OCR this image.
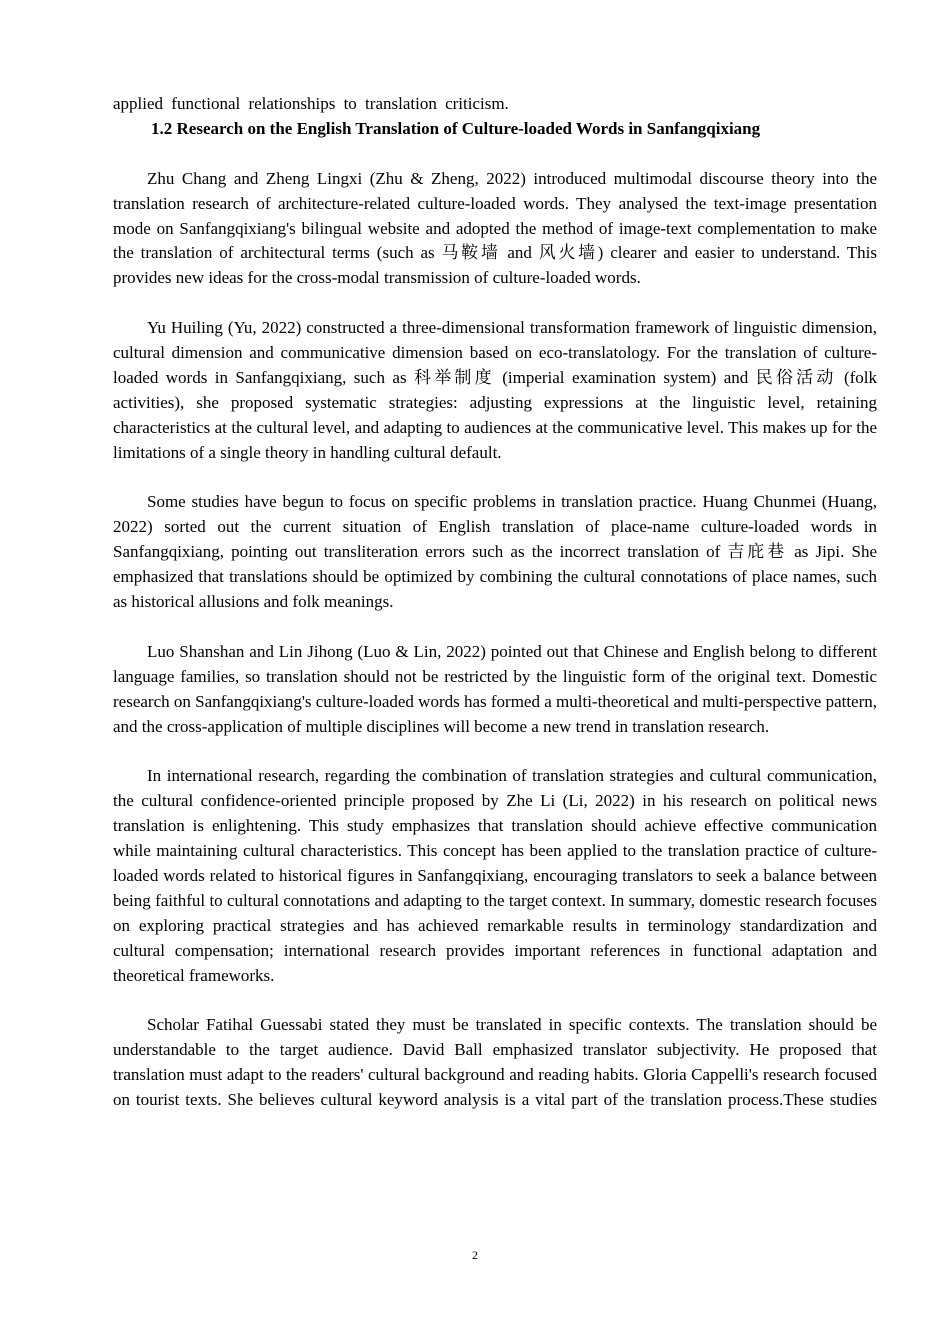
applied functional relationships to translation criticism.

1.2 Research on the English Translation of Culture-loaded Words in Sanfangqixiang

Zhu Chang and Zheng Lingxi (Zhu & Zheng, 2022) introduced multimodal discourse theory into the translation research of architecture-related culture-loaded words. They analysed the text-image presentation mode on Sanfangqixiang's bilingual website and adopted the method of image-text complementation to make the translation of architectural terms (such as 马鞍墙 and 风火墙) clearer and easier to understand. This provides new ideas for the cross-modal transmission of culture-loaded words.

Yu Huiling (Yu, 2022) constructed a three-dimensional transformation framework of linguistic dimension, cultural dimension and communicative dimension based on eco-translatology. For the translation of culture-loaded words in Sanfangqixiang, such as 科举制度 (imperial examination system) and 民俗活动 (folk activities), she proposed systematic strategies: adjusting expressions at the linguistic level, retaining characteristics at the cultural level, and adapting to audiences at the communicative level. This makes up for the limitations of a single theory in handling cultural default.

Some studies have begun to focus on specific problems in translation practice. Huang Chunmei (Huang, 2022) sorted out the current situation of English translation of place-name culture-loaded words in Sanfangqixiang, pointing out transliteration errors such as the incorrect translation of 吉庇巷 as Jipi. She emphasized that translations should be optimized by combining the cultural connotations of place names, such as historical allusions and folk meanings.

Luo Shanshan and Lin Jihong (Luo & Lin, 2022) pointed out that Chinese and English belong to different language families, so translation should not be restricted by the linguistic form of the original text. Domestic research on Sanfangqixiang's culture-loaded words has formed a multi-theoretical and multi-perspective pattern, and the cross-application of multiple disciplines will become a new trend in translation research.

In international research, regarding the combination of translation strategies and cultural communication, the cultural confidence-oriented principle proposed by Zhe Li (Li, 2022) in his research on political news translation is enlightening. This study emphasizes that translation should achieve effective communication while maintaining cultural characteristics. This concept has been applied to the translation practice of culture-loaded words related to historical figures in Sanfangqixiang, encouraging translators to seek a balance between being faithful to cultural connotations and adapting to the target context. In summary, domestic research focuses on exploring practical strategies and has achieved remarkable results in terminology standardization and cultural compensation; international research provides important references in functional adaptation and theoretical frameworks.

Scholar Fatihal Guessabi stated they must be translated in specific contexts. The translation should be understandable to the target audience. David Ball emphasized translator subjectivity. He proposed that translation must adapt to the readers' cultural background and reading habits. Gloria Cappelli's research focused on tourist texts. She believes cultural keyword analysis is a vital part of the translation process.These studies

2
